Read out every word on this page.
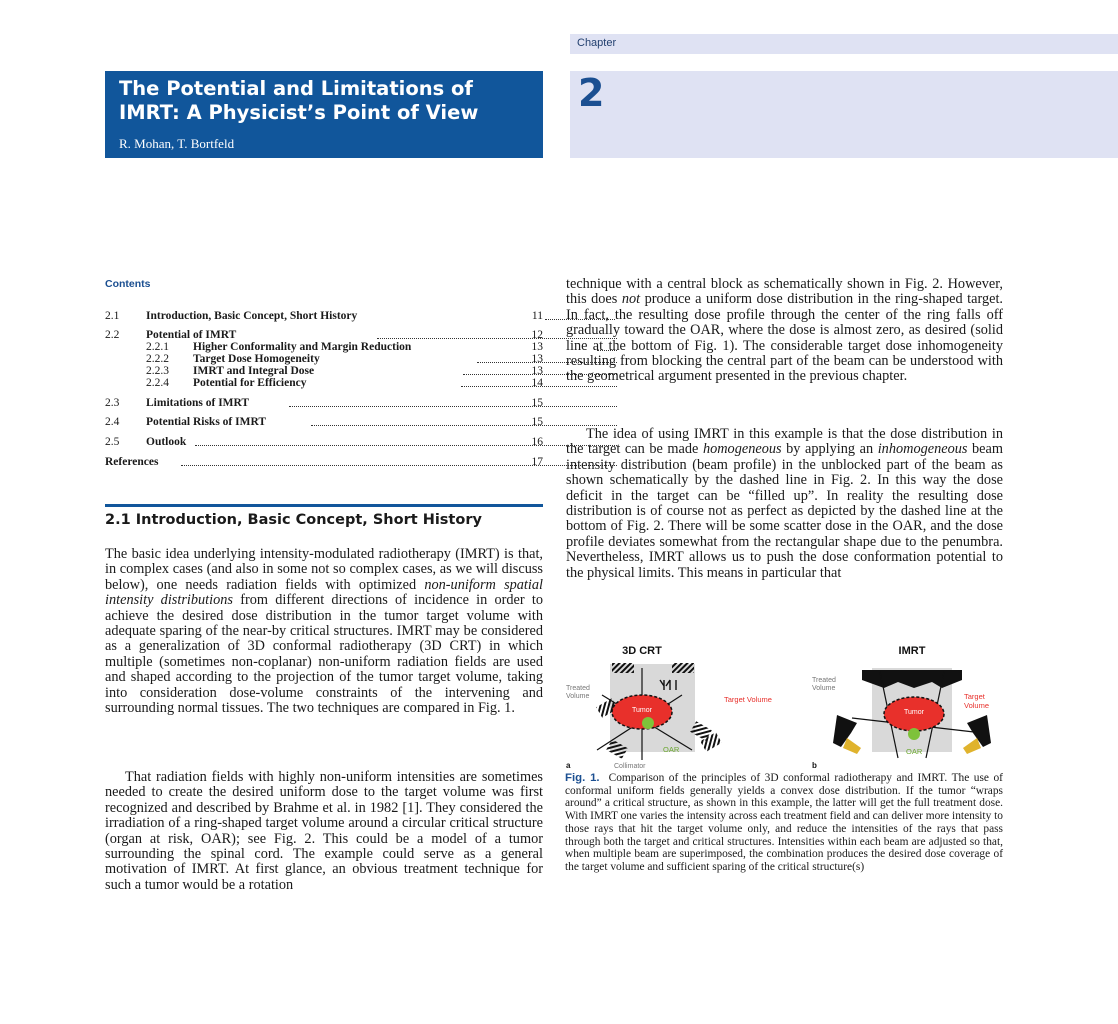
Chapter
The Potential and Limitations of IMRT: A Physicist’s Point of View
R. Mohan, T. Bortfeld
2
Contents
2.1 Introduction, Basic Concept, Short History	11
2.2 Potential of IMRT	12
2.2.1 Higher Conformality and Margin Reduction	13
2.2.2 Target Dose Homogeneity	13
2.2.3 IMRT and Integral Dose	13
2.2.4 Potential for Efficiency	14
2.3 Limitations of IMRT	15
2.4 Potential Risks of IMRT	15
2.5 Outlook	16
References	17
2.1 Introduction, Basic Concept, Short History

The basic idea underlying intensity-modulated radiotherapy (IMRT) is that, in complex cases (and also in some not so complex cases, as we will discuss below), one needs radiation fields with optimized non-uniform spatial intensity distributions from different directions of incidence in order to achieve the desired dose distribution in the tumor target volume with adequate sparing of the near-by critical structures. IMRT may be considered as a generalization of 3D conformal radiotherapy (3D CRT) in which multiple (sometimes non-coplanar) non-uniform radiation fields are used and shaped according to the projection of the tumor target volume, taking into consideration dose-volume constraints of the intervening and surrounding normal tissues. The two techniques are compared in Fig. 1.

That radiation fields with highly non-uniform intensities are sometimes needed to create the desired uniform dose to the target volume was first recognized and described by Brahme et al. in 1982 [1]. They considered the irradiation of a ring-shaped target volume around a circular critical structure (organ at risk, OAR); see Fig. 2. This could be a model of a tumor surrounding the spinal cord. The example could serve as a general motivation of IMRT. At first glance, an obvious treatment technique for such a tumor would be a rotation

technique with a central block as schematically shown in Fig. 2. However, this does not produce a uniform dose distribution in the ring-shaped target. In fact, the resulting dose profile through the center of the ring falls off gradually toward the OAR, where the dose is almost zero, as desired (solid line at the bottom of Fig. 1). The considerable target dose inhomogeneity resulting from blocking the central part of the beam can be understood with the geometrical argument presented in the previous chapter.

The idea of using IMRT in this example is that the dose distribution in the target can be made homogeneous by applying an inhomogeneous beam intensity distribution (beam profile) in the unblocked part of the beam as shown schematically by the dashed line in Fig. 2. In this way the dose deficit in the target can be “filled up”. In reality the resulting dose distribution is of course not as perfect as depicted by the dashed line at the bottom of Fig. 2. There will be some scatter dose in the OAR, and the dose profile deviates somewhat from the rectangular shape due to the penumbra. Nevertheless, IMRT allows us to push the dose conformation potential to the physical limits. This means in particular that

3D CRT
Tumor
Treated Volume	Target Volume
OAR
Collimator
a
IMRT
Tumor
Treated Volume
Target Volume
OAR
b
Fig. 1. Comparison of the principles of 3D conformal radiotherapy and IMRT. The use of conformal uniform fields generally yields a convex dose distribution. If the tumor “wraps around” a critical structure, as shown in this example, the latter will get the full treatment dose. With IMRT one varies the intensity across each treatment field and can deliver more intensity to those rays that hit the target volume only, and reduce the intensities of the rays that pass through both the target and critical structures. Intensities within each beam are adjusted so that, when multiple beam are superimposed, the combination produces the desired dose coverage of the target volume and sufficient sparing of the critical structure(s)
